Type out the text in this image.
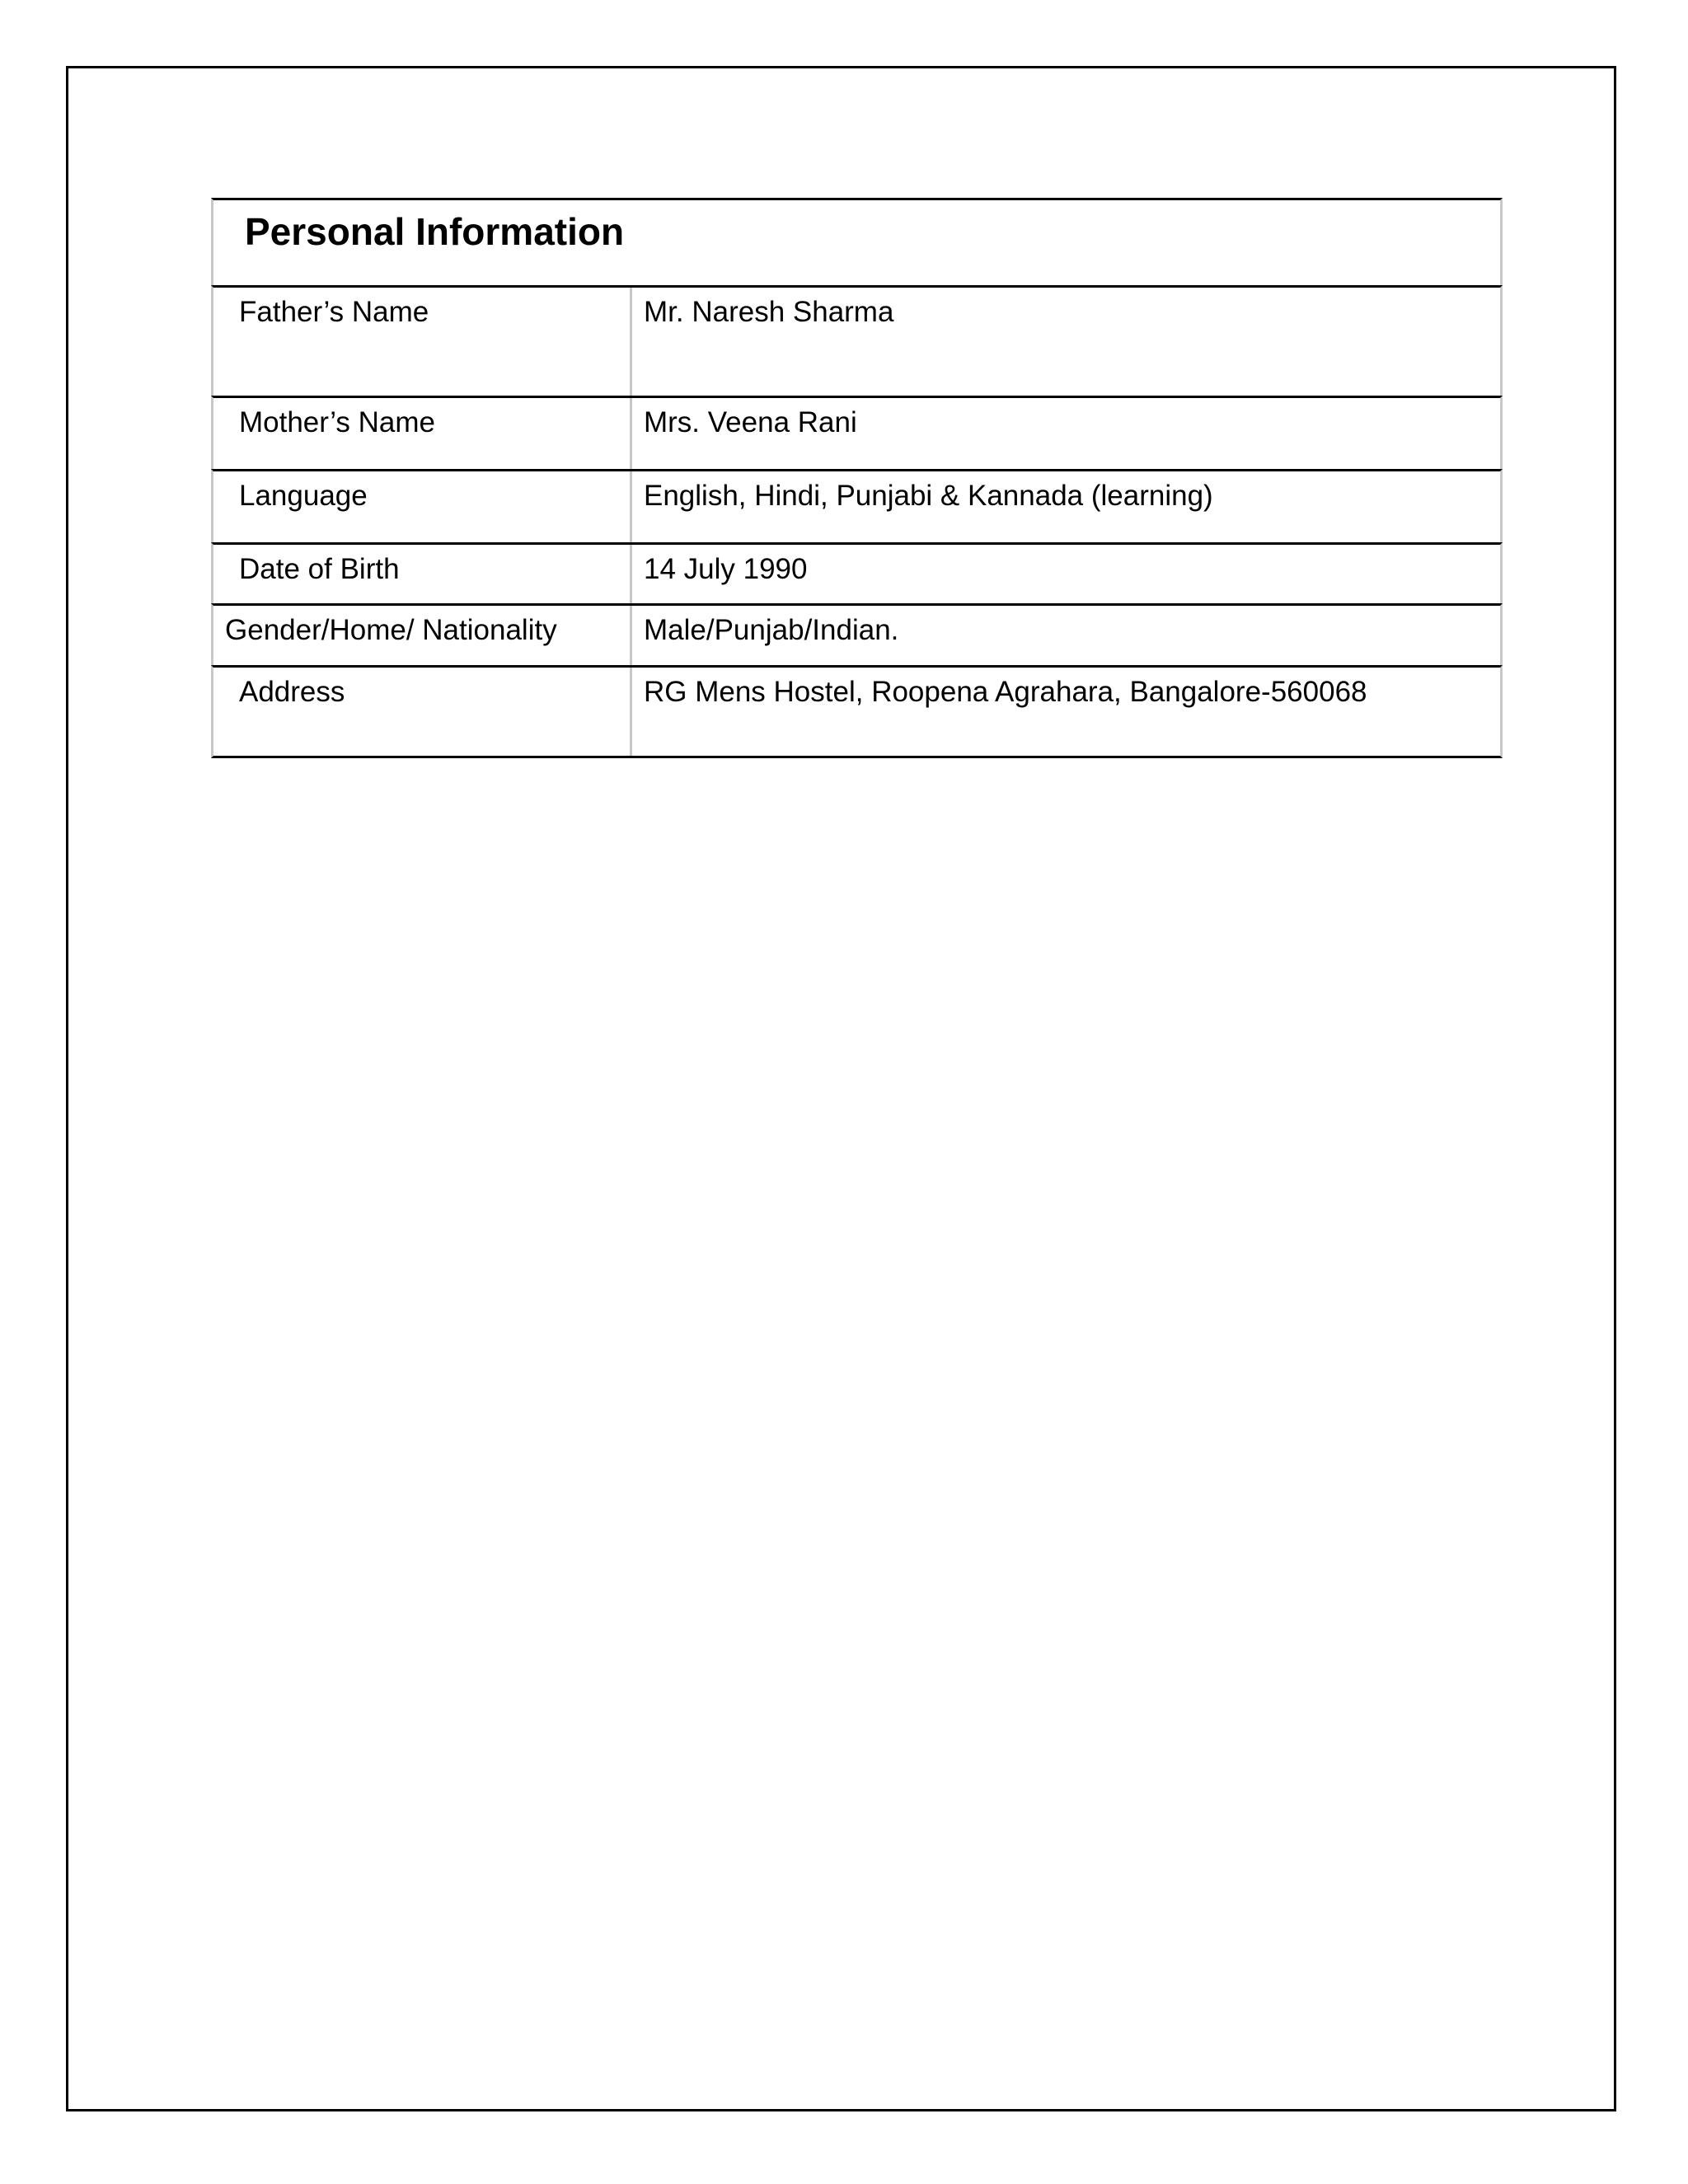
Personal Information
Father’s Name	Mr. Naresh Sharma
Mother’s Name	Mrs. Veena Rani
Language	English, Hindi, Punjabi & Kannada (learning)
Date of Birth	14 July 1990
Gender/Home/ Nationality	Male/Punjab/Indian.
Address	RG Mens Hostel, Roopena Agrahara, Bangalore-560068
